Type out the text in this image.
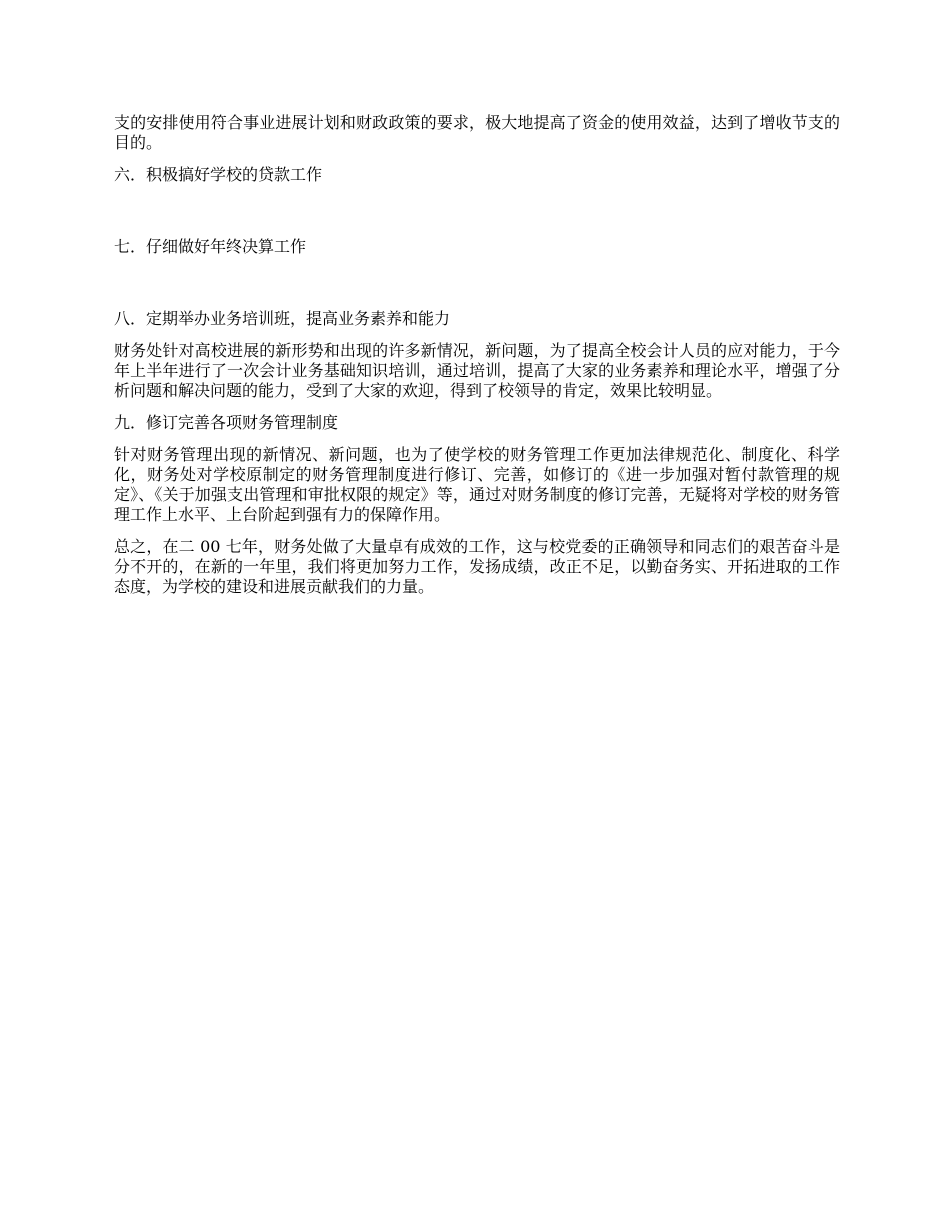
支的安排使用符合事业进展计划和财政政策的要求，极大地提高了资金的使用效益，达到了增收节支的目的。

六．积极搞好学校的贷款工作

七．仔细做好年终决算工作

八．定期举办业务培训班，提高业务素养和能力

财务处针对高校进展的新形势和出现的许多新情况，新问题，为了提高全校会计人员的应对能力，于今年上半年进行了一次会计业务基础知识培训，通过培训，提高了大家的业务素养和理论水平，增强了分析问题和解决问题的能力，受到了大家的欢迎，得到了校领导的肯定，效果比较明显。

九．修订完善各项财务管理制度

针对财务管理出现的新情况、新问题，也为了使学校的财务管理工作更加法律规范化、制度化、科学化，财务处对学校原制定的财务管理制度进行修订、完善，如修订的《进一步加强对暂付款管理的规定》、《关于加强支出管理和审批权限的规定》等，通过对财务制度的修订完善，无疑将对学校的财务管理工作上水平、上台阶起到强有力的保障作用。

总之，在二 00 七年，财务处做了大量卓有成效的工作，这与校党委的正确领导和同志们的艰苦奋斗是分不开的，在新的一年里，我们将更加努力工作，发扬成绩，改正不足，以勤奋务实、开拓进取的工作态度，为学校的建设和进展贡献我们的力量。
